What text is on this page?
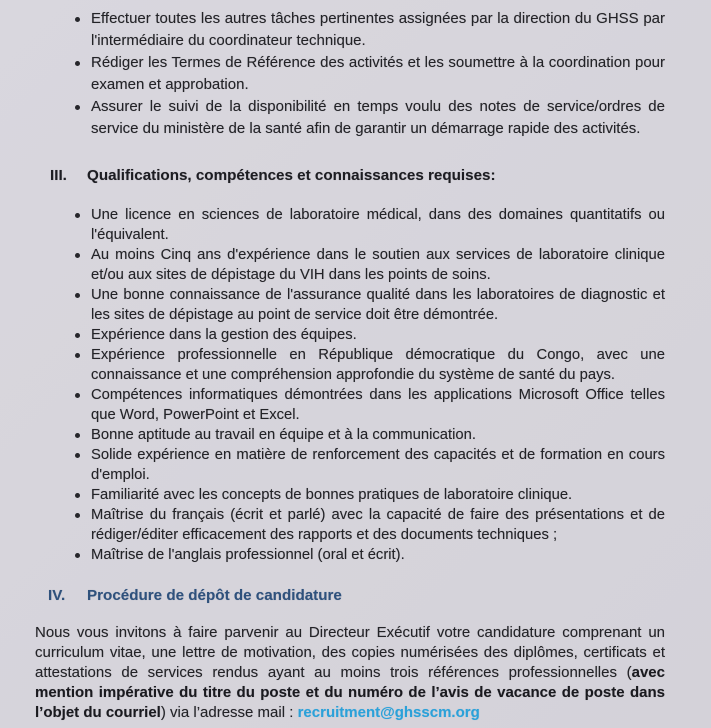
Effectuer toutes les autres tâches pertinentes assignées par la direction du GHSS par l'intermédiaire du coordinateur technique.
Rédiger les Termes de Référence des activités et les soumettre à la coordination pour examen et approbation.
Assurer le suivi de la disponibilité en temps voulu des notes de service/ordres de service du ministère de la santé afin de garantir un démarrage rapide des activités.
III.	Qualifications, compétences et connaissances requises:
Une licence en sciences de laboratoire médical, dans des domaines quantitatifs ou l'équivalent.
Au moins Cinq ans d'expérience dans le soutien aux services de laboratoire clinique et/ou aux sites de dépistage du VIH dans les points de soins.
Une bonne connaissance de l'assurance qualité dans les laboratoires de diagnostic et les sites de dépistage au point de service doit être démontrée.
Expérience dans la gestion des équipes.
Expérience professionnelle en République démocratique du Congo, avec une connaissance et une compréhension approfondie du système de santé du pays.
Compétences informatiques démontrées dans les applications Microsoft Office telles que Word, PowerPoint et Excel.
Bonne aptitude au travail en équipe et à la communication.
Solide expérience en matière de renforcement des capacités et de formation en cours d'emploi.
Familiarité avec les concepts de bonnes pratiques de laboratoire clinique.
Maîtrise du français (écrit et parlé) avec la capacité de faire des présentations et de rédiger/éditer efficacement des rapports et des documents techniques ;
Maîtrise de l'anglais professionnel (oral et écrit).
IV.	Procédure de dépôt de candidature

Nous vous invitons à faire parvenir au Directeur Exécutif votre candidature comprenant un curriculum vitae, une lettre de motivation, des copies numérisées des diplômes, certificats et attestations de services rendus ayant au moins trois références professionnelles (avec mention impérative du titre du poste et du numéro de l’avis de vacance de poste dans l’objet du courriel) via l’adresse mail : recruitment@ghsscm.org
